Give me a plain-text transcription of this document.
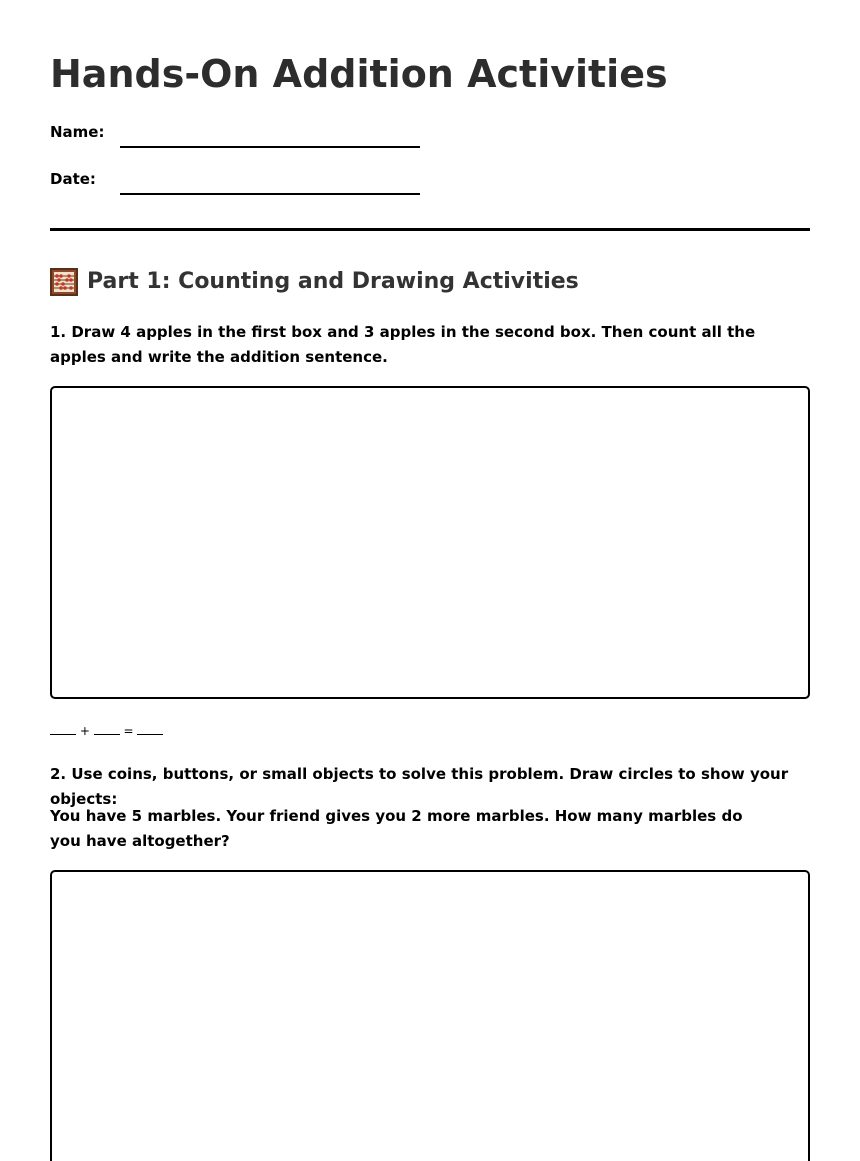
Hands-On Addition Activities
Name:
Date:
Part 1: Counting and Drawing Activities

1. Draw 4 apples in the first box and 3 apples in the second box. Then count all the apples and write the addition sentence.

+	=

2. Use coins, buttons, or small objects to solve this problem. Draw circles to show your objects:

You have 5 marbles. Your friend gives you 2 more marbles. How many marbles do you have altogether?
